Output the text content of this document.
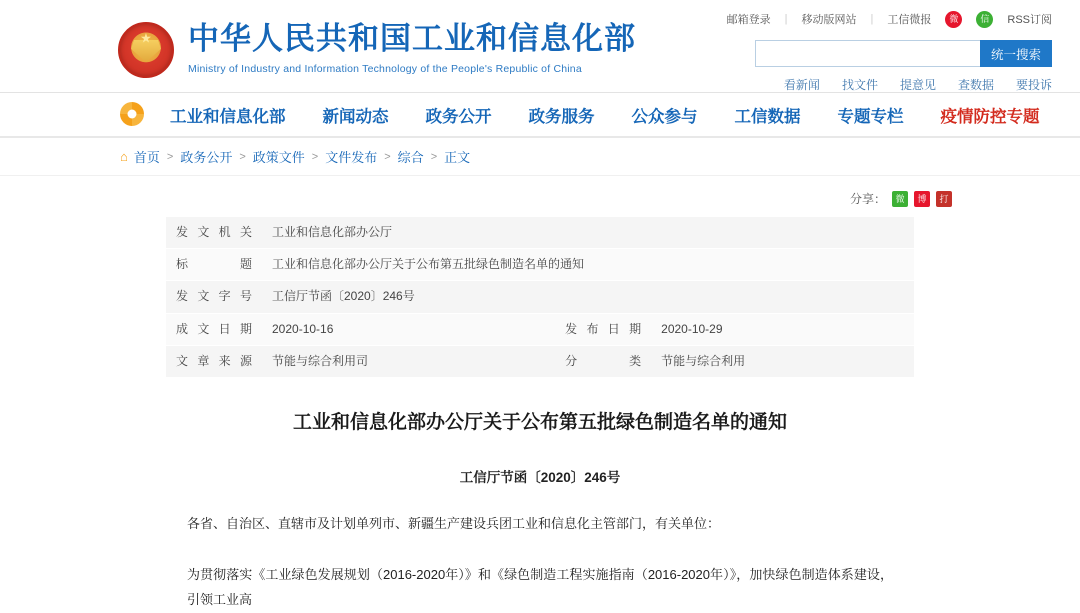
★
中华人民共和国工业和信息化部
Ministry of Industry and Information Technology of the People's Republic of China
邮箱登录 | 移动版网站 | 工信微报	微	信	RSS订阅
统一搜索
看新闻 找文件 提意见 查数据 要投诉
工业和信息化部 新闻动态 政务公开 政务服务 公众参与 工信数据 专题专栏 疫情防控专题
⌂ 首页 > 政务公开 > 政策文件 > 文件发布 > 综合 > 正文
分享：	微	博	打
发文机关	工业和信息化部办公厅		
标题	工业和信息化部办公厅关于公布第五批绿色制造名单的通知		
发文字号	工信厅节函〔2020〕246号		
成文日期	2020-10-16	发布日期	2020-10-29
文章来源	节能与综合利用司	分类	节能与综合利用
工业和信息化部办公厅关于公布第五批绿色制造名单的通知
工信厅节函〔2020〕246号
各省、自治区、直辖市及计划单列市、新疆生产建设兵团工业和信息化主管部门，有关单位：
为贯彻落实《工业绿色发展规划（2016-2020年）》和《绿色制造工程实施指南（2016-2020年）》，加快绿色制造体系建设，引领工业高
